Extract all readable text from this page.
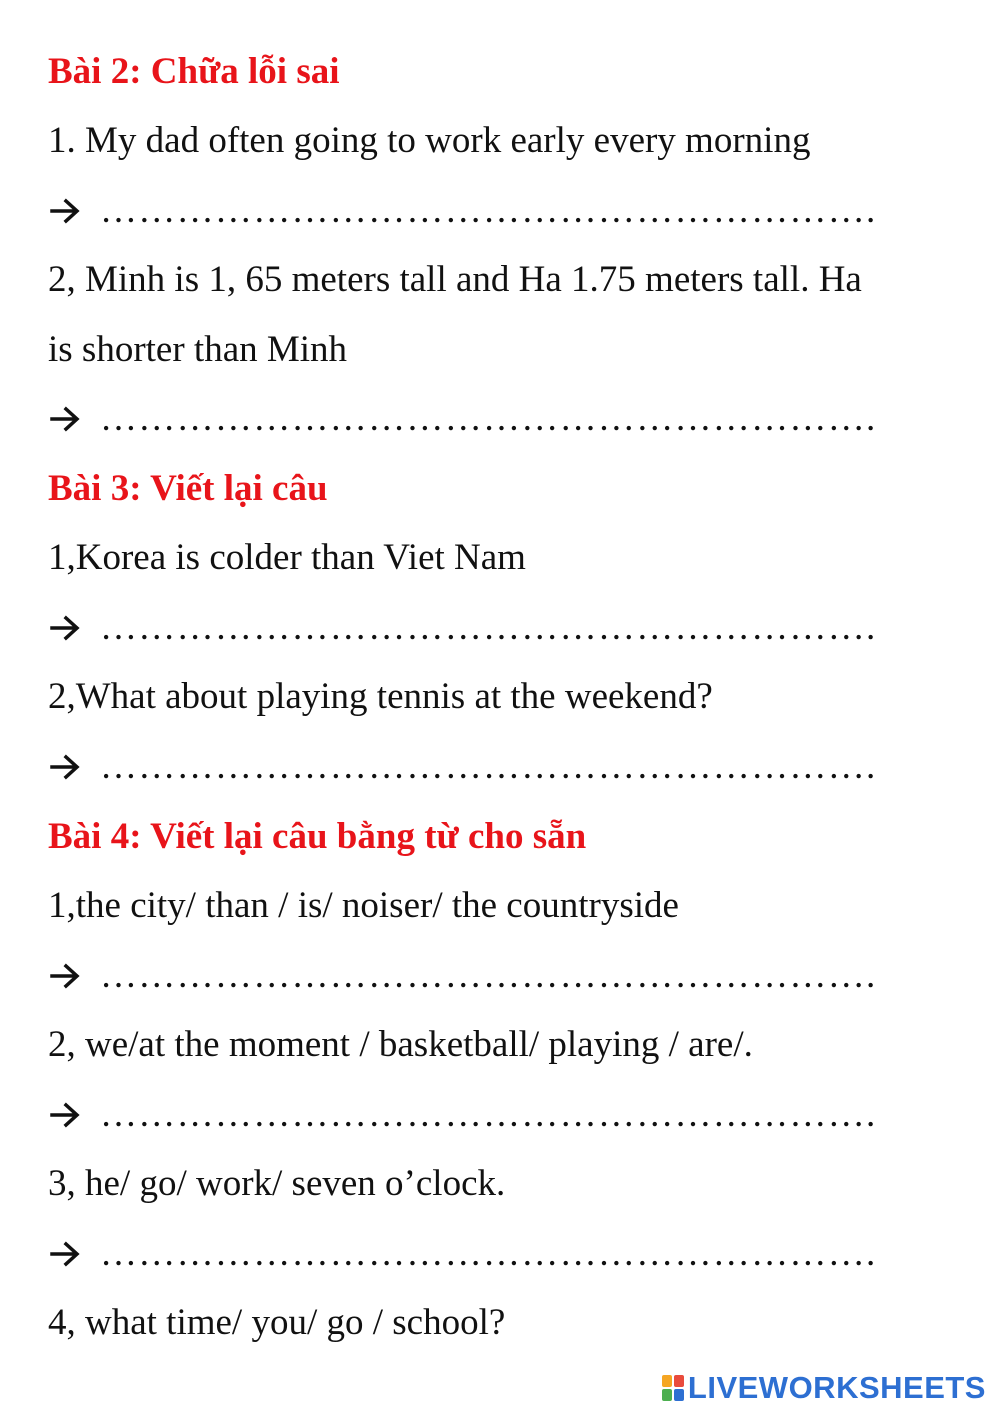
Bài 2: Chữa lỗi sai
1. My dad often going to work early every morning
…………………………………………………….
2, Minh is 1, 65 meters tall and Ha 1.75 meters tall. Ha
is shorter than Minh
…………………………………………………….
Bài 3: Viết lại câu
1,Korea is colder than Viet Nam
…………………………………………………….
2,What about playing tennis at the weekend?
…………………………………………………….
Bài 4: Viết lại câu bằng từ cho sẵn
1,the city/ than / is/ noiser/ the countryside
…………………………………………………….
2, we/at the moment / basketball/ playing / are/.
…………………………………………………….
3, he/ go/ work/ seven o’clock.
…………………………………………………….
4, what time/ you/ go / school?
LIVEWORKSHEETS
